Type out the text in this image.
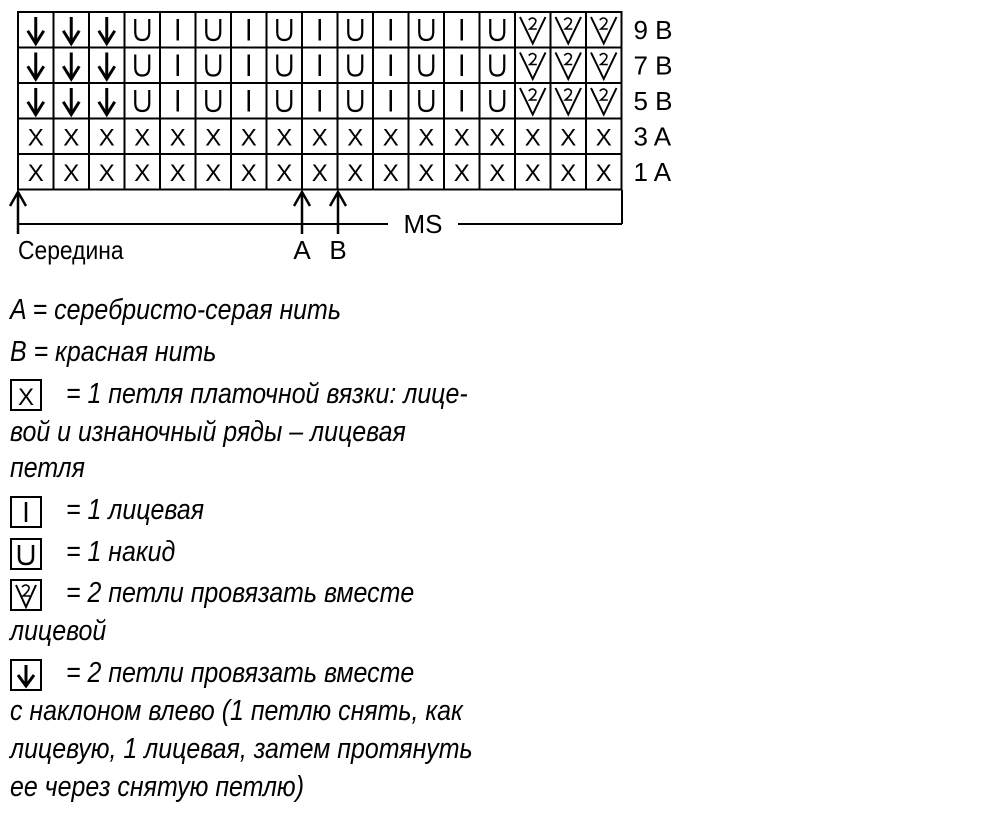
X X X X X X X X X X X X X X X X X
X X X X X X X X X X X X X X X X X
9 B
7 B
5 B
3 A
1 A
MS
Середина	A B
A = серебристо-серая нить
B = красная нить
X = 1 петля платочной вязки: лице-
вой и изнаночный ряды – лицевая
петля
= 1 лицевая
= 1 накид
= 2 петли провязать вместе
лицевой
= 2 петли провязать вместе
с наклоном влево (1 петлю снять, как
лицевую, 1 лицевая, затем протянуть
ее через снятую петлю)
